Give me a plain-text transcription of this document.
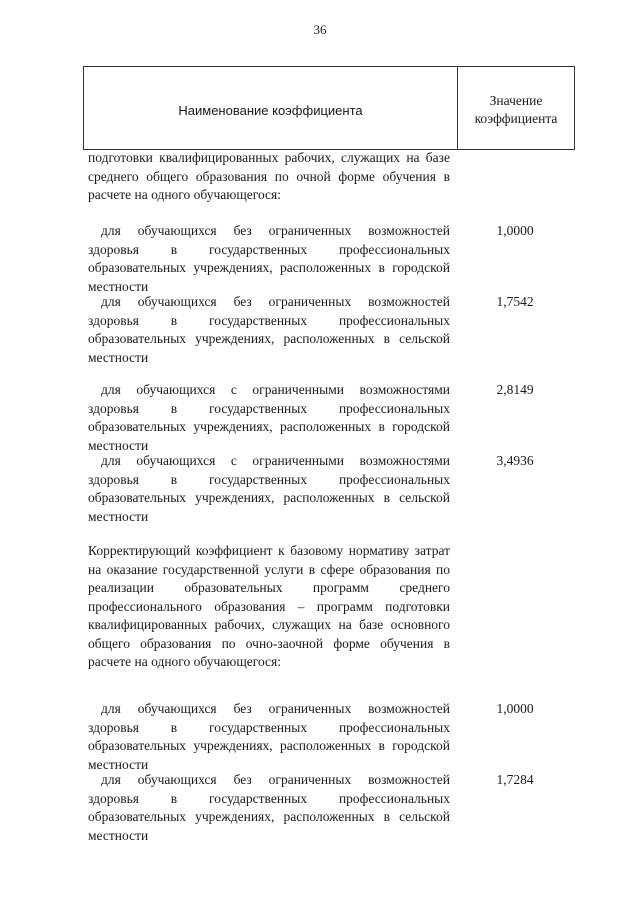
36
Наименование коэффициента
Значение коэффициента

подготовки квалифицированных рабочих, служащих на базе среднего общего образования по очной форме обучения в расчете на одного обучающегося:

для обучающихся без ограниченных возможностей здоровья в государственных профессиональных образовательных учреждениях, расположенных в городской местности

1,0000

для обучающихся без ограниченных возможностей здоровья в государственных профессиональных образовательных учреждениях, расположенных в сельской местности

1,7542

для обучающихся с ограниченными возможностями здоровья в государственных профессиональных образовательных учреждениях, расположенных в городской местности

2,8149

для обучающихся с ограниченными возможностями здоровья в государственных профессиональных образовательных учреждениях, расположенных в сельской местности

3,4936

Корректирующий коэффициент к базовому нормативу затрат на оказание государственной услуги в сфере образования по реализации образовательных программ среднего профессионального образования – программ подготовки квалифицированных рабочих, служащих на базе основного общего образования по очно-заочной форме обучения в расчете на одного обучающегося:

для обучающихся без ограниченных возможностей здоровья в государственных профессиональных образовательных учреждениях, расположенных в городской местности

1,0000

для обучающихся без ограниченных возможностей здоровья в государственных профессиональных образовательных учреждениях, расположенных в сельской местности

1,7284
